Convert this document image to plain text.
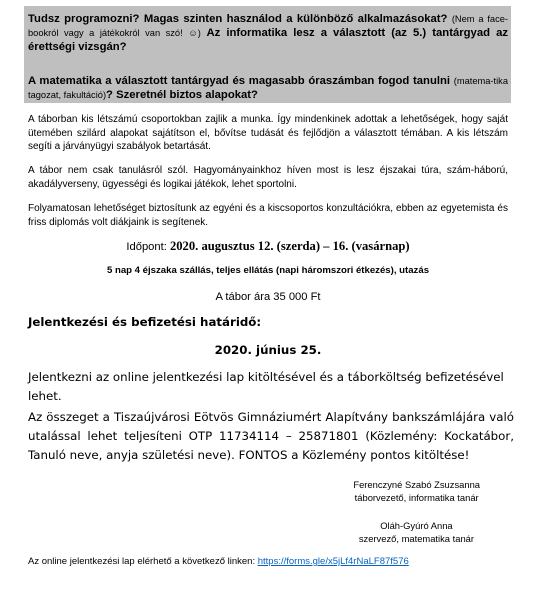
Tudsz programozni? Magas szinten használod a különböző alkalmazásokat? (Nem a face-bookról vagy a játékokról van szó! ☺) Az informatika lesz a választott (az 5.) tantárgyad az érettségi vizsgán?
A matematika a választott tantárgyad és magasabb óraszámban fogod tanulni (matema-tika tagozat, fakultáció)? Szeretnél biztos alapokat?
A táborban kis létszámú csoportokban zajlik a munka. Így mindenkinek adottak a lehetőségek, hogy saját ütemében szilárd alapokat sajátítson el, bővítse tudását és fejlődjön a választott témában. A kis létszám segíti a járványügyi szabályok betartását.
A tábor nem csak tanulásról szól. Hagyományainkhoz híven most is lesz éjszakai túra, szám-háború, akadályverseny, ügyességi és logikai játékok, lehet sportolni.
Folyamatosan lehetőséget biztosítunk az egyéni és a kiscsoportos konzultációkra, ebben az egyetemista és friss diplomás volt diákjaink is segítenek.
Időpont: 2020. augusztus 12. (szerda) – 16. (vasárnap)
5 nap 4 éjszaka szállás, teljes ellátás (napi háromszori étkezés), utazás
A tábor ára 35 000 Ft
Jelentkezési és befizetési határidő:
2020. június 25.

Jelentkezni az online jelentkezési lap kitöltésével és a táborköltség befizetésével lehet.

Az összeget a Tiszaújvárosi Eötvös Gimnáziumért Alapítvány bankszámlájára való utalással lehet teljesíteni OTP 11734114 – 25871801 (Közlemény: Kockatábor, Tanuló neve, anyja születési neve). FONTOS a Közlemény pontos kitöltése!

Ferenczyné Szabó Zsuzsanna
táborvezető, informatika tanár
Oláh-Gyúró Anna
szervező, matematika tanár
Az online jelentkezési lap elérhető a következő linken: https://forms.gle/x5jLf4rNaLF87f576
